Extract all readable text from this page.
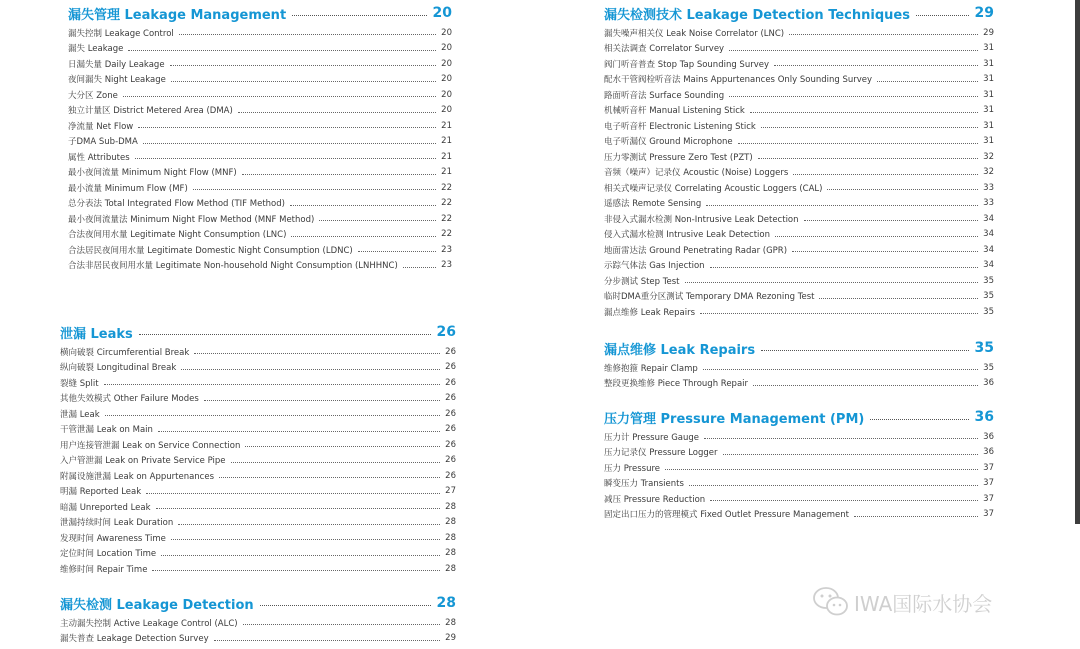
漏失管理 Leakage Management	20
漏失控制 Leakage Control	20
漏失 Leakage	20
日漏失量 Daily Leakage	20
夜间漏失 Night Leakage	20
大分区 Zone	20
独立计量区 District Metered Area (DMA)	20
净流量 Net Flow	21
子DMA Sub-DMA	21
属性 Attributes	21
最小夜间流量 Minimum Night Flow (MNF)	21
最小流量 Minimum Flow (MF)	22
总分表法 Total Integrated Flow Method (TIF Method)	22
最小夜间流量法 Minimum Night Flow Method (MNF Method)	22
合法夜间用水量 Legitimate Night Consumption (LNC)	22
合法居民夜间用水量 Legitimate Domestic Night Consumption (LDNC)	23
合法非居民夜间用水量 Legitimate Non-household Night Consumption (LNHHNC)	23
泄漏 Leaks	26
横向破裂 Circumferential Break	26
纵向破裂 Longitudinal Break	26
裂缝 Split	26
其他失效模式 Other Failure Modes	26
泄漏 Leak	26
干管泄漏 Leak on Main	26
用户连接管泄漏 Leak on Service Connection	26
入户管泄漏 Leak on Private Service Pipe	26
附属设施泄漏 Leak on Appurtenances	26
明漏 Reported Leak	27
暗漏 Unreported Leak	28
泄漏持续时间 Leak Duration	28
发现时间 Awareness Time	28
定位时间 Location Time	28
维修时间 Repair Time	28
漏失检测 Leakage Detection	28
主动漏失控制 Active Leakage Control (ALC)	28
漏失普查 Leakage Detection Survey	29
漏失检测技术 Leakage Detection Techniques	29
漏失噪声相关仪 Leak Noise Correlator (LNC)	29
相关法调查 Correlator Survey	31
阀门听音普查 Stop Tap Sounding Survey	31
配水干管阀栓听音法 Mains Appurtenances Only Sounding Survey	31
路面听音法 Surface Sounding	31
机械听音杆 Manual Listening Stick	31
电子听音杆 Electronic Listening Stick	31
电子听漏仪 Ground Microphone	31
压力零测试 Pressure Zero Test (PZT)	32
音频（噪声）记录仪 Acoustic (Noise) Loggers	32
相关式噪声记录仪 Correlating Acoustic Loggers (CAL)	33
遥感法 Remote Sensing	33
非侵入式漏水检测 Non-Intrusive Leak Detection	34
侵入式漏水检测 Intrusive Leak Detection	34
地面雷达法 Ground Penetrating Radar (GPR)	34
示踪气体法 Gas Injection	34
分步测试 Step Test	35
临时DMA重分区测试 Temporary DMA Rezoning Test	35
漏点维修 Leak Repairs	35
漏点维修 Leak Repairs	35
维修抱箍 Repair Clamp	35
整段更换维修 Piece Through Repair	36
压力管理 Pressure Management (PM)	36
压力计 Pressure Gauge	36
压力记录仪 Pressure Logger	36
压力 Pressure	37
瞬变压力 Transients	37
减压 Pressure Reduction	37
固定出口压力的管理模式 Fixed Outlet Pressure Management	37
IWA国际水协会
